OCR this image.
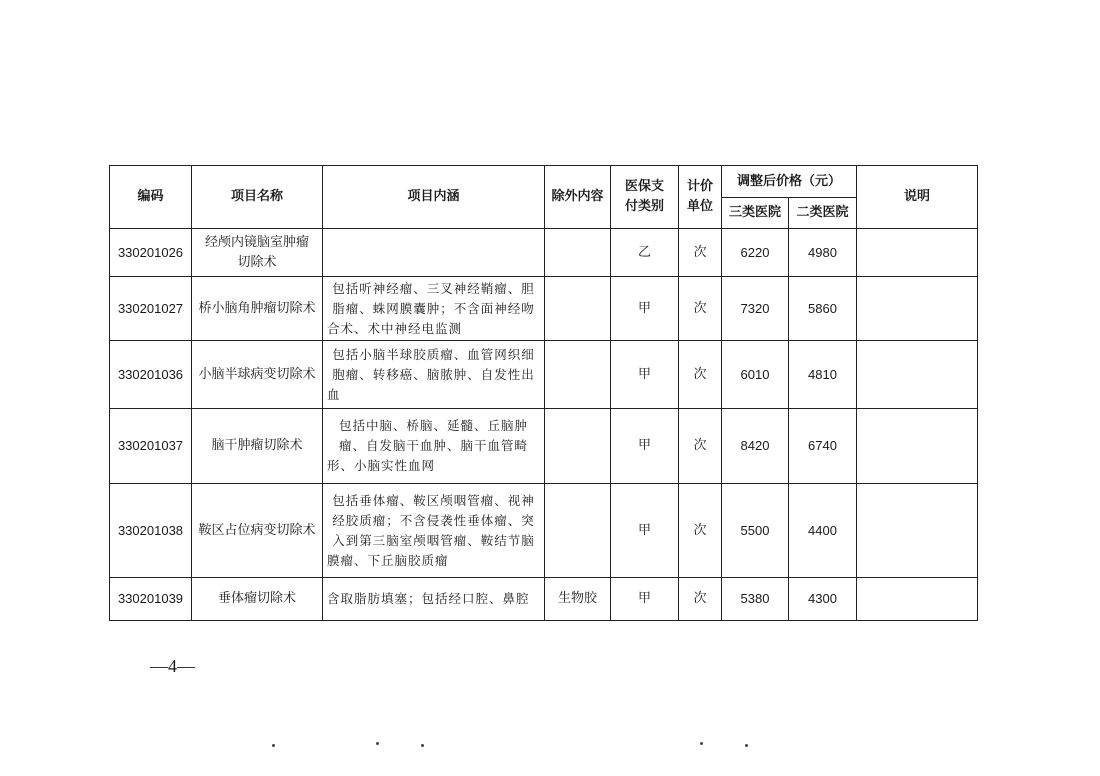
编码	项目名称	项目内涵	除外内容	医保支付类别	计价单位	调整后价格（元）		说明
						三类医院	二类医院	
330201026	经颅内镜脑室肿瘤切除术			乙	次	6220	4980	
330201027	桥小脑角肿瘤切除术	包括听神经瘤、三叉神经鞘瘤、胆脂瘤、蛛网膜囊肿；不含面神经吻合术、术中神经电监测		甲	次	7320	5860	
330201036	小脑半球病变切除术	包括小脑半球胶质瘤、血管网织细胞瘤、转移癌、脑脓肿、自发性出血		甲	次	6010	4810	
330201037	脑干肿瘤切除术	包括中脑、桥脑、延髓、丘脑肿瘤、自发脑干血肿、脑干血管畸形、小脑实性血网		甲	次	8420	6740	
330201038	鞍区占位病变切除术	包括垂体瘤、鞍区颅咽管瘤、视神经胶质瘤；不含侵袭性垂体瘤、突入到第三脑室颅咽管瘤、鞍结节脑膜瘤、下丘脑胶质瘤		甲	次	5500	4400	
330201039	垂体瘤切除术	含取脂肪填塞；包括经口腔、鼻腔	生物胶	甲	次	5380	4300	
—4—
